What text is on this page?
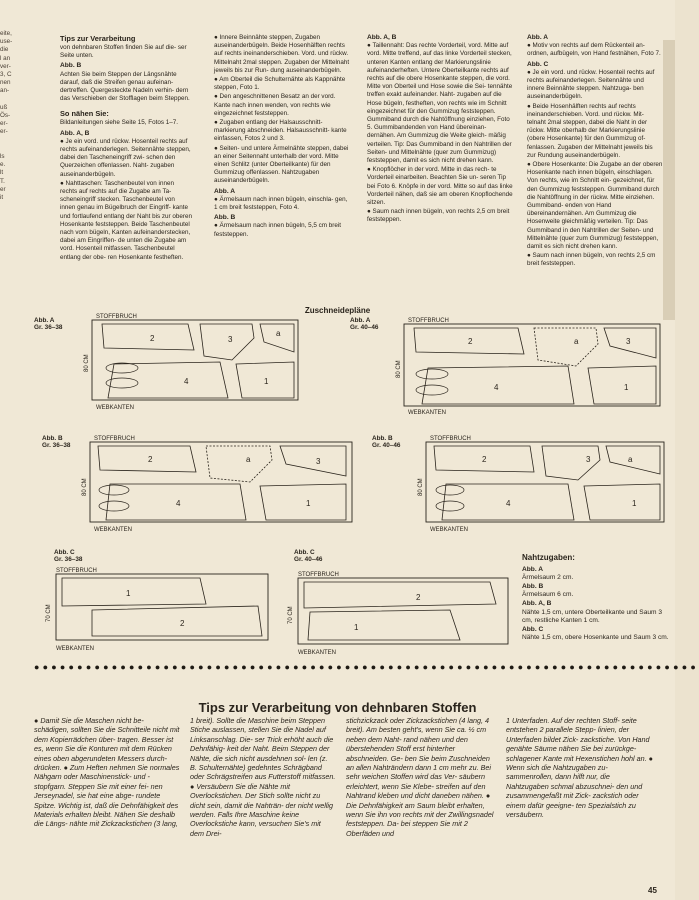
eite,
use-
die
l an
ver-
3, C
nen
an-

uß
Ös-
er-
er-

ls
e.
lt
T.
er
it
Tips zur Verarbeitung

von dehnbaren Stoffen finden Sie auf die- ser Seite unten.

Abb. B

Achten Sie beim Steppen der Längsnähte darauf, daß die Streifen genau aufeinan- dertreffen. Quergesteckte Nadeln verhin- dern das Verschieben der Stofflagen beim Steppen.

So nähen Sie:

Bildanleitungen siehe Seite 15, Fotos 1–7.

Abb. A, B

● Je ein vord. und rückw. Hosenteil rechts auf rechts aufeinanderlegen. Seitennähte steppen, dabei den Tascheneingriff zwi- schen den Querzeichen offenlassen. Naht- zugaben auseinanderbügeln.

● Nahttaschen: Taschenbeutel von innen rechts auf rechts auf die Zugabe am Ta- scheneingriff stecken. Taschenbeutel von innen genau im Bügelbruch der Eingriff- kante und fortlaufend entlang der Naht bis zur oberen Hosenkante feststeppen. Beide Taschenbeutel nach vorn bügeln, Kanten aufeinanderstecken, dabei am Eingriffen- de unten die Zugabe am vord. Hosenteil mitfassen. Taschenbeutel entlang der obe- ren Hosenkante festheften.

● Innere Beinnähte steppen, Zugaben auseinanderbügeln. Beide Hosenhälften rechts auf rechts ineinanderschieben. Vord. und rückw. Mittelnaht 2mal steppen. Zugaben der Mittelnaht jeweils bis zur Run- dung auseinanderbügeln.

● Am Oberteil die Schulternähte als Kappnähte steppen, Foto 1.

● Den angeschnittenen Besatz an der vord. Kante nach innen wenden, von rechts wie eingezeichnet feststeppen.

● Zugaben entlang der Halsausschnitt- markierung abschneiden. Halsausschnitt- kante einfassen, Fotos 2 und 3.

● Seiten- und untere Ärmelnähte steppen, dabei an einer Seitennaht unterhalb der vord. Mitte einen Schlitz (unter Oberteilkante) für den Gummizug offenlassen. Nahtzugaben auseinanderbügeln.

Abb. A

● Ärmelsaum nach innen bügeln, einschla- gen, 1 cm breit feststeppen, Foto 4.

Abb. B

● Ärmelsaum nach innen bügeln, 5,5 cm breit feststeppen.

Abb. A, B

● Taillennaht: Das rechte Vorderteil, vord. Mitte auf vord. Mitte treffend, auf das linke Vorderteil stecken, unteren Kanten entlang der Markierungslinie aufeinanderheften. Untere Oberteilkante rechts auf rechts auf die obere Hosenkante steppen, die vord. Mitte von Oberteil und Hose sowie die Sei- tennähte treffen exakt aufeinander. Naht- zugaben auf die Hose bügeln, festheften, von rechts wie im Schnitt eingezeichnet für den Gummizug feststeppen. Gummiband durch die Nahtöffnung einziehen, Foto 5. Gummibandenden von Hand übereinan- dernähen. Am Gummizug die Weite gleich- mäßig verteilen. Tip: Das Gummiband in den Nahtrillen der Seiten- und Mittelnähte (quer zum Gummizug) feststeppen, damit es sich nicht drehen kann.

● Knopflöcher in der vord. Mitte in das rech- te Vorderteil einarbeiten. Beachten Sie un- seren Tip bei Foto 6. Knöpfe in der vord. Mitte so auf das linke Vorderteil nähen, daß sie am oberen Knopflochende sitzen.

● Saum nach innen bügeln, von rechts 2,5 cm breit feststeppen.

Abb. A

● Motiv von rechts auf dem Rückenteil an- ordnen, aufbügeln, von Hand festnähen, Foto 7.

Abb. C

● Je ein vord. und rückw. Hosenteil rechts auf rechts aufeinanderlegen. Seitennähte und innere Beinnähte steppen. Nahtzuga- ben auseinanderbügeln.

● Beide Hosenhälften rechts auf rechts ineinanderschieben. Vord. und rückw. Mit- telnaht 2mal steppen, dabei die Naht in der rückw. Mitte oberhalb der Markierungslinie (obere Hosenkante) für den Gummizug of- fenlassen. Zugaben der Mittelnaht jeweils bis zur Rundung auseinanderbügeln.

● Obere Hosenkante: Die Zugabe an der oberen Hosenkante nach innen bügeln, einschlagen. Von rechts, wie im Schnitt ein- gezeichnet, für den Gummizug feststeppen. Gummiband durch die Nahtöffnung in der rückw. Mitte einziehen. Gummiband- enden von Hand übereinandernähen. Am Gummizug die Hosenweite gleichmäßig verteilen. Tip: Das Gummiband in den Nahtrillen der Seiten- und Mittelnähte (quer zum Gummizug) feststeppen, damit es sich nicht drehen kann.

● Saum nach innen bügeln, von rechts 2,5 cm breit feststeppen.

Zuschneidepläne
Abb. A
Gr. 36–38
STOFFBRUCH
80 CM
2	3
4	1
a
WEBKANTEN
Abb. A
Gr. 40–46
STOFFBRUCH
80 CM
2	3
4	1
a
WEBKANTEN
Abb. B
Gr. 36–38
STOFFBRUCH
80 CM
2	3
4	1
a
WEBKANTEN
Abb. B
Gr. 40–46
STOFFBRUCH
80 CM
2	3
4	1
a
WEBKANTEN
Abb. C
Gr. 36–38
STOFFBRUCH
70 CM
1
2
WEBKANTEN
Abb. C
Gr. 40–46
STOFFBRUCH
70 CM
2
1
WEBKANTEN
Nahtzugaben:
Abb. A
Ärmelsaum 2 cm.
Abb. B
Ärmelsaum 6 cm.
Abb. A, B
Nähte 1,5 cm, untere Oberteilkante und Saum 3 cm, restliche Kanten 1 cm.
Abb. C
Nähte 1,5 cm, obere Hosenkante und Saum 3 cm.
●●●●●●●●●●●●●●●●●●●●●●●●●●●●●●●●●●●●●●●●●●●●●●●●●●●●●●●●●●●●●●●●●●●●●●●●●●●●●
Tips zur Verarbeitung von dehnbaren Stoffen

● Damit Sie die Maschen nicht be- schädigen, sollten Sie die Schnitteile nicht mit dem Kopierrädchen über- tragen. Besser ist es, wenn Sie die Konturen mit dem Rücken eines oben abgerundeten Messers durch- drücken. ● Zum Heften nehmen Sie normales Nähgarn oder Maschinenstick- und -stopfgarn. Steppen Sie mit einer fei- nen Jerseynadel, sie hat eine abge- rundete Spitze. Wichtig ist, daß die Dehnfähigkeit des Materials erhalten bleibt. Nähen Sie deshalb die Längs- nähte mit Zickzackstichen (3 lang,

1 breit). Sollte die Maschine beim Steppen Stiche auslassen, stellen Sie die Nadel auf Linksanschlag. Die- ser Trick erhöht auch die Dehnfähig- keit der Naht. Beim Steppen der Nähte, die sich nicht ausdehnen sol- len (z. B. Schulternähte) gedehntes Schrägband oder Schrägstreifen aus Futterstoff mitfassen. ● Versäubern Sie die Nähte mit Overlockstichen. Der Stich sollte nicht zu dicht sein, damit die Nahträn- der nicht wellig werden. Falls Ihre Maschine keine Overlockstiche kann, versuchen Sie's mit dem Drei-

stichzickzack oder Zickzackstichen (4 lang, 4 breit). Am besten geht's, wenn Sie ca. ½ cm neben dem Naht- rand nähen und den überstehenden Stoff erst hinterher abschneiden. Ge- ben Sie beim Zuschneiden an allen Nahträndern dann 1 cm mehr zu. Bei sehr weichen Stoffen wird das Ver- säubern erleichtert, wenn Sie Klebe- streifen auf den Nahtrand kleben und dicht daneben nähen. ● Die Dehnfähigkeit am Saum bleibt erhalten, wenn Sie ihn von rechts mit der Zwillingsnadel feststeppen. Da- bei steppen Sie mit 2 Oberfäden und

1 Unterfaden. Auf der rechten Stoff- seite entstehen 2 parallele Stepp- linien, der Unterfaden bildet Zick- zackstiche. Von Hand genähte Säume nähen Sie bei zurückge- schlagener Kante mit Hexenstichen hohl an. ● Wenn sich die Nahtzugaben zu- sammenrollen, dann hilft nur, die Nahtzugaben schmal abzuschnei- den und zusammengefaßt mit Zick- zackstich oder einem dafür geeigne- ten Spezialstich zu versäubern.

45
